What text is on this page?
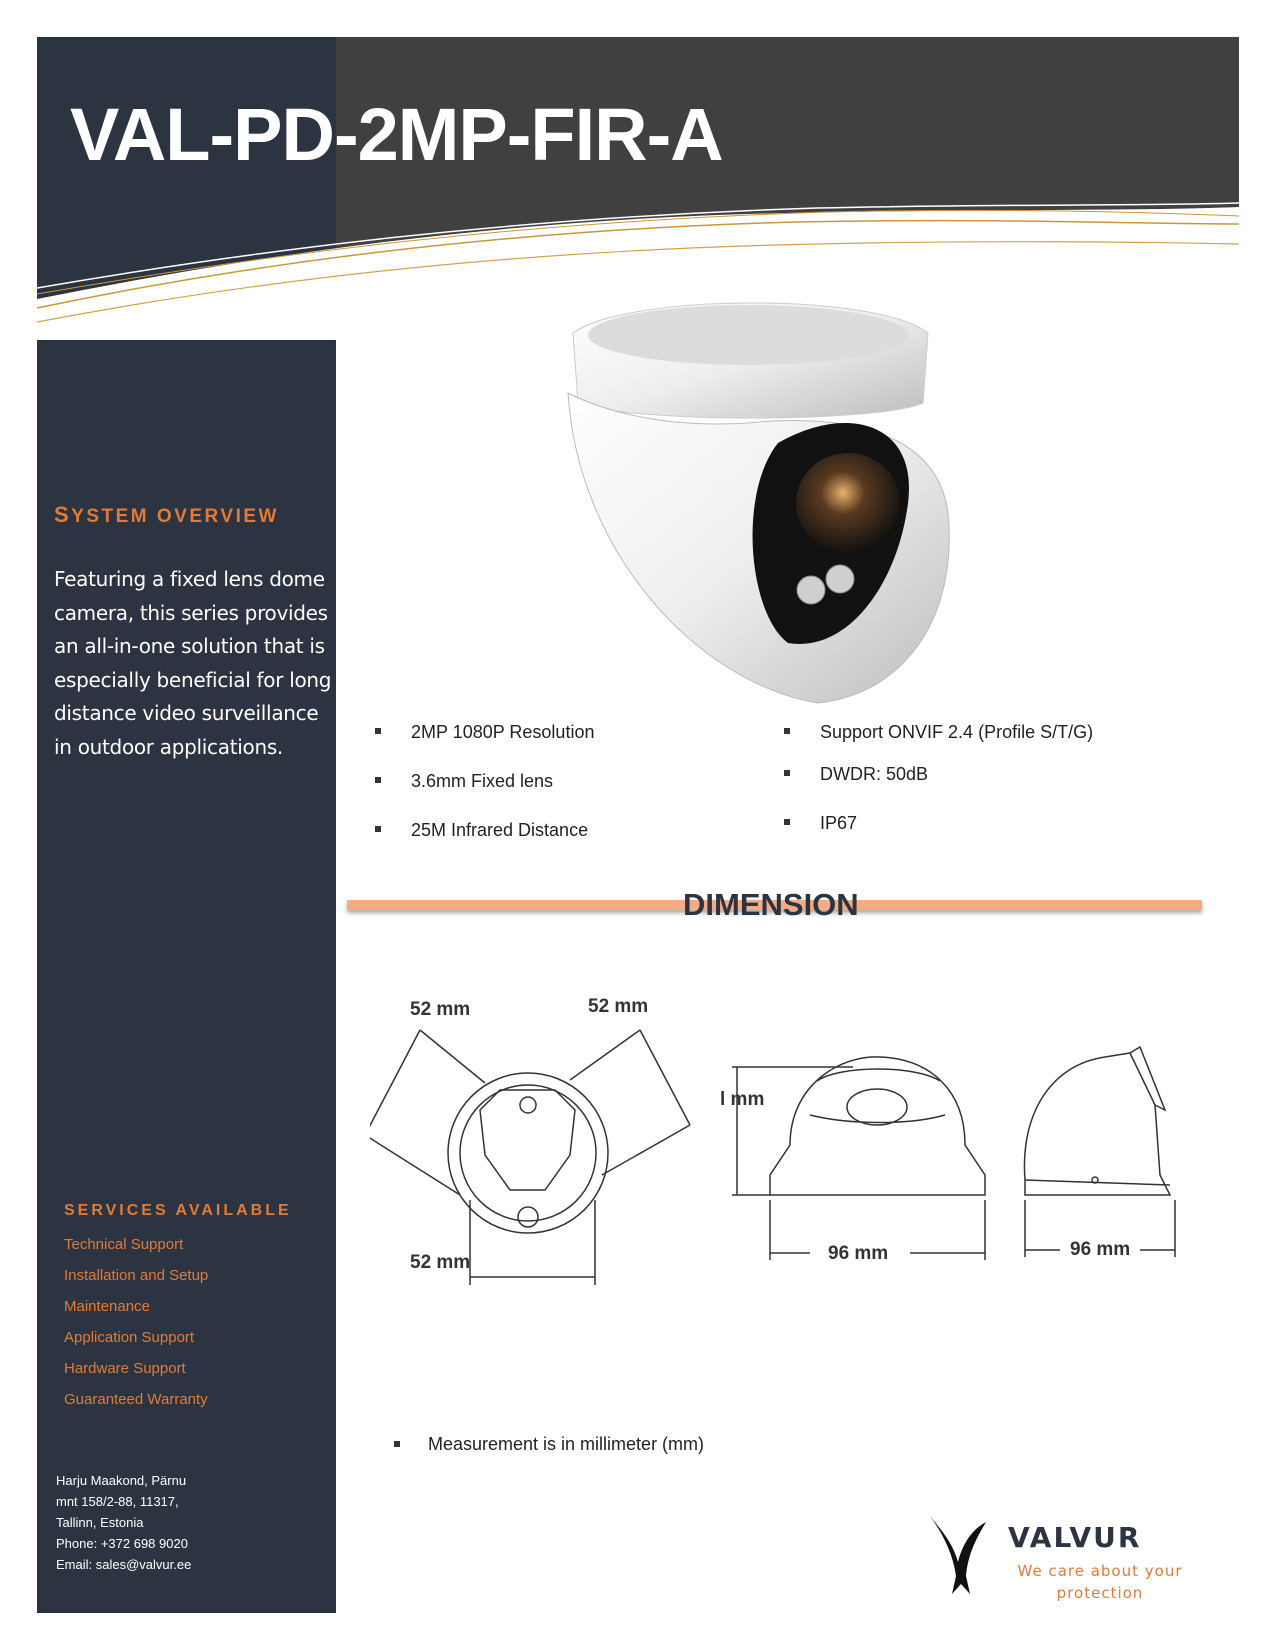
VAL-PD-2MP-FIR-A
SYSTEM OVERVIEW

Featuring a fixed lens dome camera, this series provides an all-in-one solution that is especially beneficial for long distance video surveillance in outdoor applications.

SERVICES AVAILABLE
Technical Support
Installation and Setup
Maintenance
Application Support
Hardware Support
Guaranteed Warranty
Harju Maakond, Pärnu
mnt 158/2-88, 11317,
Tallinn, Estonia
Phone: +372 698 9020
Email: sales@valvur.ee
2MP 1080P Resolution
3.6mm Fixed lens
25M Infrared Distance
Support ONVIF 2.4 (Profile S/T/G)
DWDR: 50dB
IP67
DIMENSION
52 mm	52 mm
52 mm
l mm
96 mm	96 mm
Measurement is in millimeter (mm)
VALVUR
We care about your protection
